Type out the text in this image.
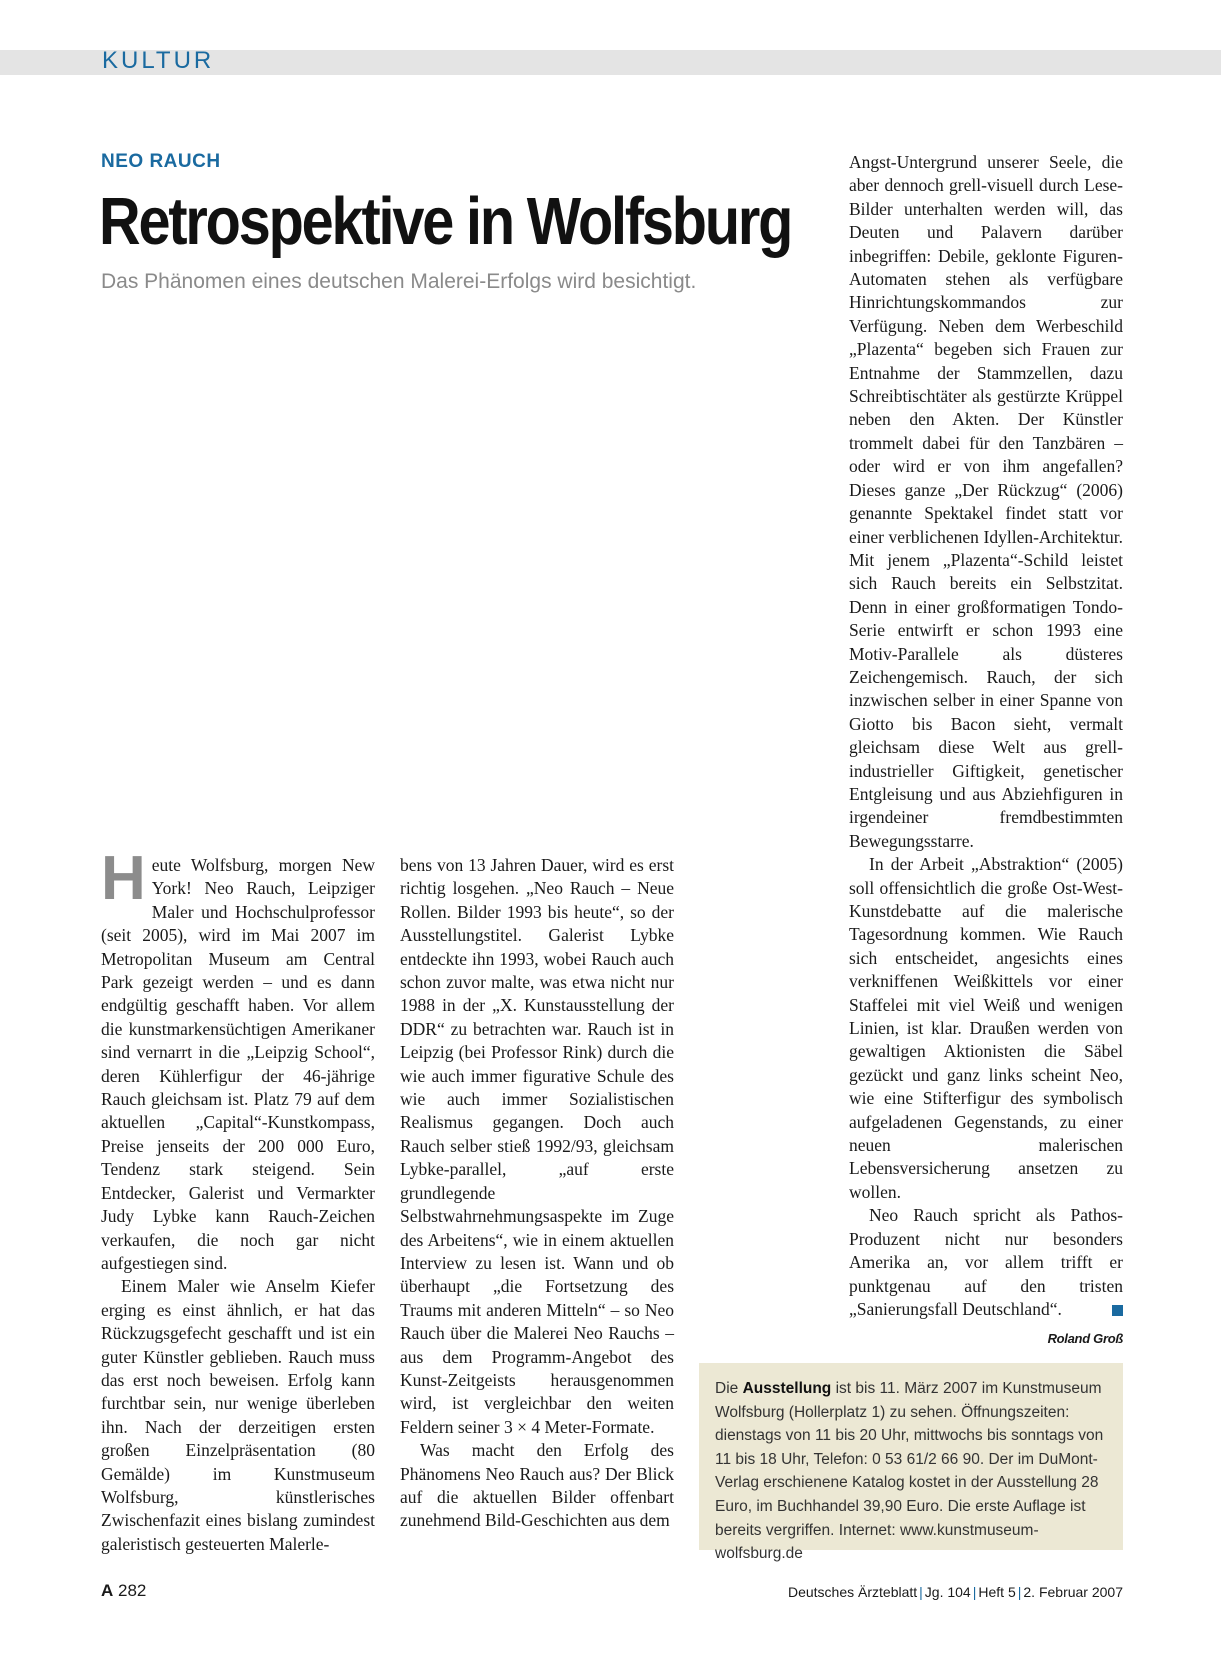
KULTUR
NEO RAUCH
Retrospektive in Wolfsburg
Das Phänomen eines deutschen Malerei-Erfolgs wird besichtigt.

Heute Wolfsburg, morgen New York! Neo Rauch, Leipziger Maler und Hochschulprofessor (seit 2005), wird im Mai 2007 im Metropolitan Museum am Central Park gezeigt werden – und es dann endgültig geschafft haben. Vor allem die kunstmarkensüchtigen Amerikaner sind vernarrt in die „Leipzig School“, deren Kühlerfigur der 46-jährige Rauch gleichsam ist. Platz 79 auf dem aktuellen „Capital“-Kunstkompass, Preise jenseits der 200 000 Euro, Tendenz stark steigend. Sein Entdecker, Galerist und Vermarkter Judy Lybke kann Rauch-Zeichen verkaufen, die noch gar nicht aufgestiegen sind.

Einem Maler wie Anselm Kiefer erging es einst ähnlich, er hat das Rückzugsgefecht geschafft und ist ein guter Künstler geblieben. Rauch muss das erst noch beweisen. Erfolg kann furchtbar sein, nur wenige überleben ihn. Nach der derzeitigen ersten großen Einzelpräsentation (80 Gemälde) im Kunstmuseum Wolfsburg, künstlerisches Zwischenfazit eines bislang zumindest galeristisch gesteuerten Malerle-

bens von 13 Jahren Dauer, wird es erst richtig losgehen. „Neo Rauch – Neue Rollen. Bilder 1993 bis heute“, so der Ausstellungstitel. Galerist Lybke entdeckte ihn 1993, wobei Rauch auch schon zuvor malte, was etwa nicht nur 1988 in der „X. Kunstausstellung der DDR“ zu betrachten war. Rauch ist in Leipzig (bei Professor Rink) durch die wie auch immer figurative Schule des wie auch immer Sozialistischen Realismus gegangen. Doch auch Rauch selber stieß 1992/93, gleichsam Lybke-parallel, „auf erste grundlegende Selbstwahrnehmungsaspekte im Zuge des Arbeitens“, wie in einem aktuellen Interview zu lesen ist. Wann und ob überhaupt „die Fortsetzung des Traums mit anderen Mitteln“ – so Neo Rauch über die Malerei Neo Rauchs – aus dem Programm-Angebot des Kunst-Zeitgeists herausgenommen wird, ist vergleichbar den weiten Feldern seiner 3 × 4 Meter-Formate.

Was macht den Erfolg des Phänomens Neo Rauch aus? Der Blick auf die aktuellen Bilder offenbart zunehmend Bild-Geschichten aus dem

Angst-Untergrund unserer Seele, die aber dennoch grell-visuell durch Lese-Bilder unterhalten werden will, das Deuten und Palavern darüber inbegriffen: Debile, geklonte Figuren-Automaten stehen als verfügbare Hinrichtungskommandos zur Verfügung. Neben dem Werbeschild „Plazenta“ begeben sich Frauen zur Entnahme der Stammzellen, dazu Schreibtischtäter als gestürzte Krüppel neben den Akten. Der Künstler trommelt dabei für den Tanzbären – oder wird er von ihm angefallen? Dieses ganze „Der Rückzug“ (2006) genannte Spektakel findet statt vor einer verblichenen Idyllen-Architektur. Mit jenem „Plazenta“-Schild leistet sich Rauch bereits ein Selbstzitat. Denn in einer großformatigen Tondo-Serie entwirft er schon 1993 eine Motiv-Parallele als düsteres Zeichengemisch. Rauch, der sich inzwischen selber in einer Spanne von Giotto bis Bacon sieht, vermalt gleichsam diese Welt aus grell-industrieller Giftigkeit, genetischer Entgleisung und aus Abziehfiguren in irgendeiner fremdbestimmten Bewegungsstarre.

In der Arbeit „Abstraktion“ (2005) soll offensichtlich die große Ost-West-Kunstdebatte auf die malerische Tagesordnung kommen. Wie Rauch sich entscheidet, angesichts eines verkniffenen Weißkittels vor einer Staffelei mit viel Weiß und wenigen Linien, ist klar. Draußen werden von gewaltigen Aktionisten die Säbel gezückt und ganz links scheint Neo, wie eine Stifterfigur des symbolisch aufgeladenen Gegenstands, zu einer neuen malerischen Lebensversicherung ansetzen zu wollen.

Neo Rauch spricht als Pathos-Produzent nicht nur besonders Amerika an, vor allem trifft er punktgenau auf den tristen „Sanierungsfall Deutschland“.

Roland Groß

Die Ausstellung ist bis 11. März 2007 im Kunstmuseum Wolfsburg (Hollerplatz 1) zu sehen. Öffnungszeiten: dienstags von 11 bis 20 Uhr, mittwochs bis sonntags von 11 bis 18 Uhr, Telefon: 0 53 61/2 66 90. Der im DuMont-Verlag erschienene Katalog kostet in der Ausstellung 28 Euro, im Buchhandel 39,90 Euro. Die erste Auflage ist bereits vergriffen. Internet: www.kunstmuseum-wolfsburg.de

A 282	Deutsches Ärzteblatt | Jg. 104 | Heft 5 | 2. Februar 2007
